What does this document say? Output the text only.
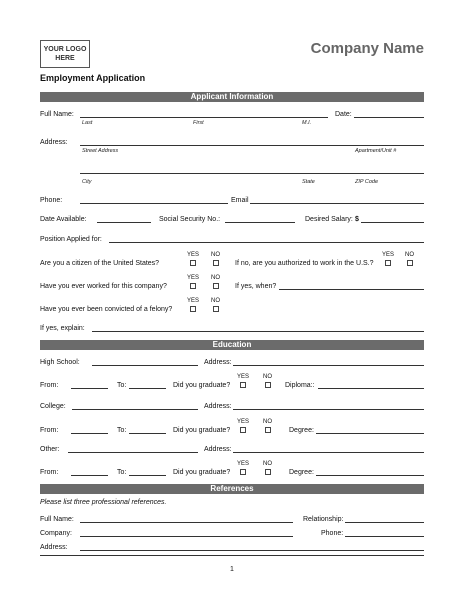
YOUR LOGO HERE
Company Name
Employment Application
Applicant Information
Full Name:	Date:
Last	First	M.I.
Address:
Street Address	Apartment/Unit #
City	State	ZIP Code
Phone:	Email
Date Available:	Social Security No.:	Desired Salary: $
Position Applied for:
YES NO
Are you a citizen of the United States?
YES NO
If no, are you authorized to work in the U.S.?
YES NO
Have you ever worked for this company?	If yes, when?
YES NO
Have you ever been convicted of a felony?
If yes, explain:
Education
High School:	Address:
YES NO
From:	To:	Did you graduate?	Diploma::
College:	Address:
YES NO
From:	To:	Did you graduate?	Degree:
Other:	Address:
YES NO
From:	To:	Did you graduate?	Degree:
References
Please list three professional references.
Full Name:	Relationship:
Company:	Phone:
Address:
1
